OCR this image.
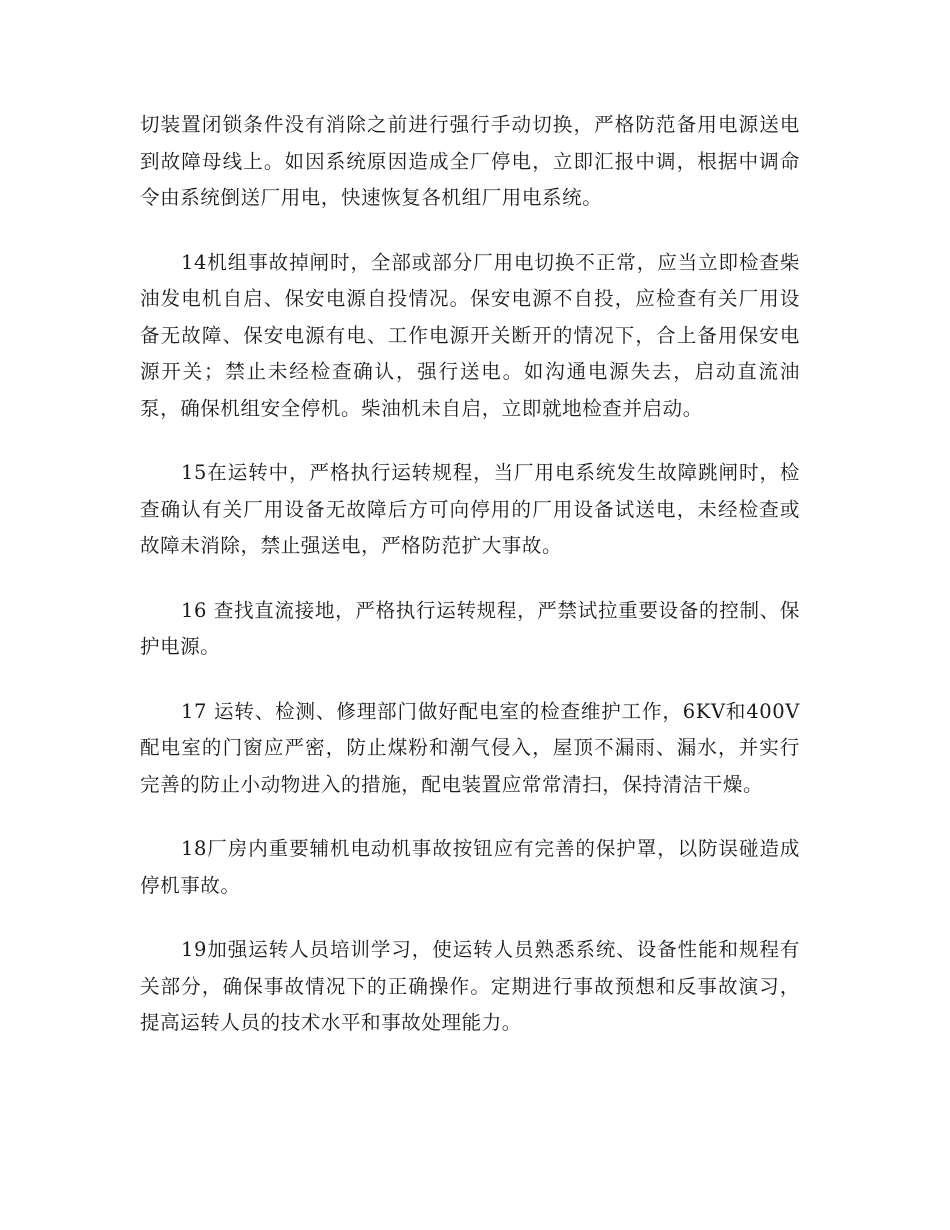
切装置闭锁条件没有消除之前进行强行手动切换，严格防范备用电源送电到故障母线上。如因系统原因造成全厂停电，立即汇报中调，根据中调命令由系统倒送厂用电，快速恢复各机组厂用电系统。

14机组事故掉闸时，全部或部分厂用电切换不正常，应当立即检查柴油发电机自启、保安电源自投情况。保安电源不自投，应检查有关厂用设备无故障、保安电源有电、工作电源开关断开的情况下，合上备用保安电源开关；禁止未经检查确认，强行送电。如沟通电源失去，启动直流油泵，确保机组安全停机。柴油机未自启，立即就地检查并启动。

15在运转中，严格执行运转规程，当厂用电系统发生故障跳闸时，检查确认有关厂用设备无故障后方可向停用的厂用设备试送电，未经检查或故障未消除，禁止强送电，严格防范扩大事故。

16 查找直流接地，严格执行运转规程，严禁试拉重要设备的控制、保护电源。

17 运转、检测、修理部门做好配电室的检查维护工作，6KV和400V配电室的门窗应严密，防止煤粉和潮气侵入，屋顶不漏雨、漏水，并实行完善的防止小动物进入的措施，配电装置应常常清扫，保持清洁干燥。

18厂房内重要辅机电动机事故按钮应有完善的保护罩，以防误碰造成停机事故。

19加强运转人员培训学习，使运转人员熟悉系统、设备性能和规程有关部分，确保事故情况下的正确操作。定期进行事故预想和反事故演习，提高运转人员的技术水平和事故处理能力。
